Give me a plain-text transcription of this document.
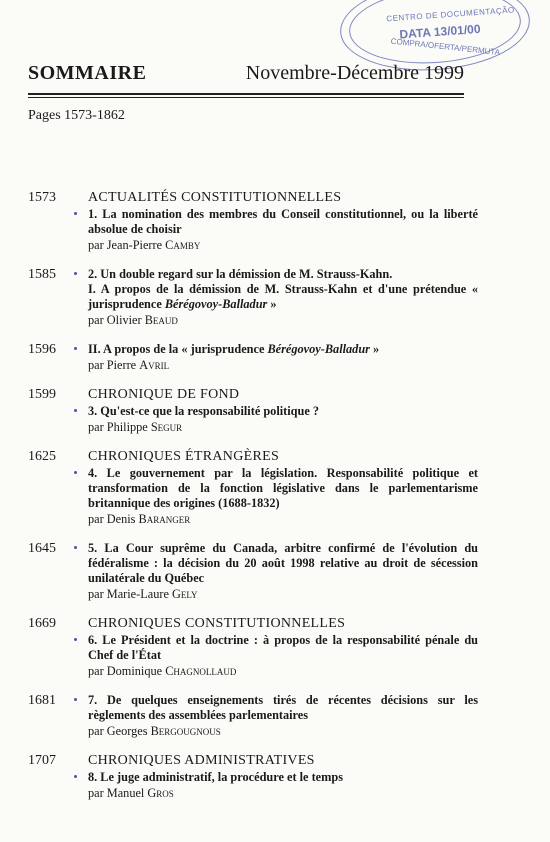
CENTRO DE DOCUMENTAÇÃO
DATA 13/01/00
COMPRA/OFERTA/PERMUTA
SOMMAIRE	Novembre-Décembre 1999
Pages 1573-1862
1573	ACTUALITÉS CONSTITUTIONNELLES
1. La nomination des membres du Conseil constitutionnel, ou la liberté absolue de choisir
par Jean-Pierre Camby
1585	2. Un double regard sur la démission de M. Strauss-Kahn.
I. A propos de la démission de M. Strauss-Kahn et d'une prétendue « jurisprudence Bérégovoy-Balladur »
par Olivier Beaud
1596	II. A propos de la « jurisprudence Bérégovoy-Balladur »
par Pierre Avril
1599	CHRONIQUE DE FOND
3. Qu'est-ce que la responsabilité politique ?
par Philippe Segur
1625	CHRONIQUES ÉTRANGÈRES
4. Le gouvernement par la législation. Responsabilité politique et transformation de la fonction législative dans le parlementarisme britannique des origines (1688-1832)
par Denis Baranger
1645	5. La Cour suprême du Canada, arbitre confirmé de l'évolution du fédéralisme : la décision du 20 août 1998 relative au droit de sécession unilatérale du Québec
par Marie-Laure Gely
1669	CHRONIQUES CONSTITUTIONNELLES
6. Le Président et la doctrine : à propos de la responsabilité pénale du Chef de l'État
par Dominique Chagnollaud
1681	7. De quelques enseignements tirés de récentes décisions sur les règlements des assemblées parlementaires
par Georges Bergougnous
1707	CHRONIQUES ADMINISTRATIVES
8. Le juge administratif, la procédure et le temps
par Manuel Gros
